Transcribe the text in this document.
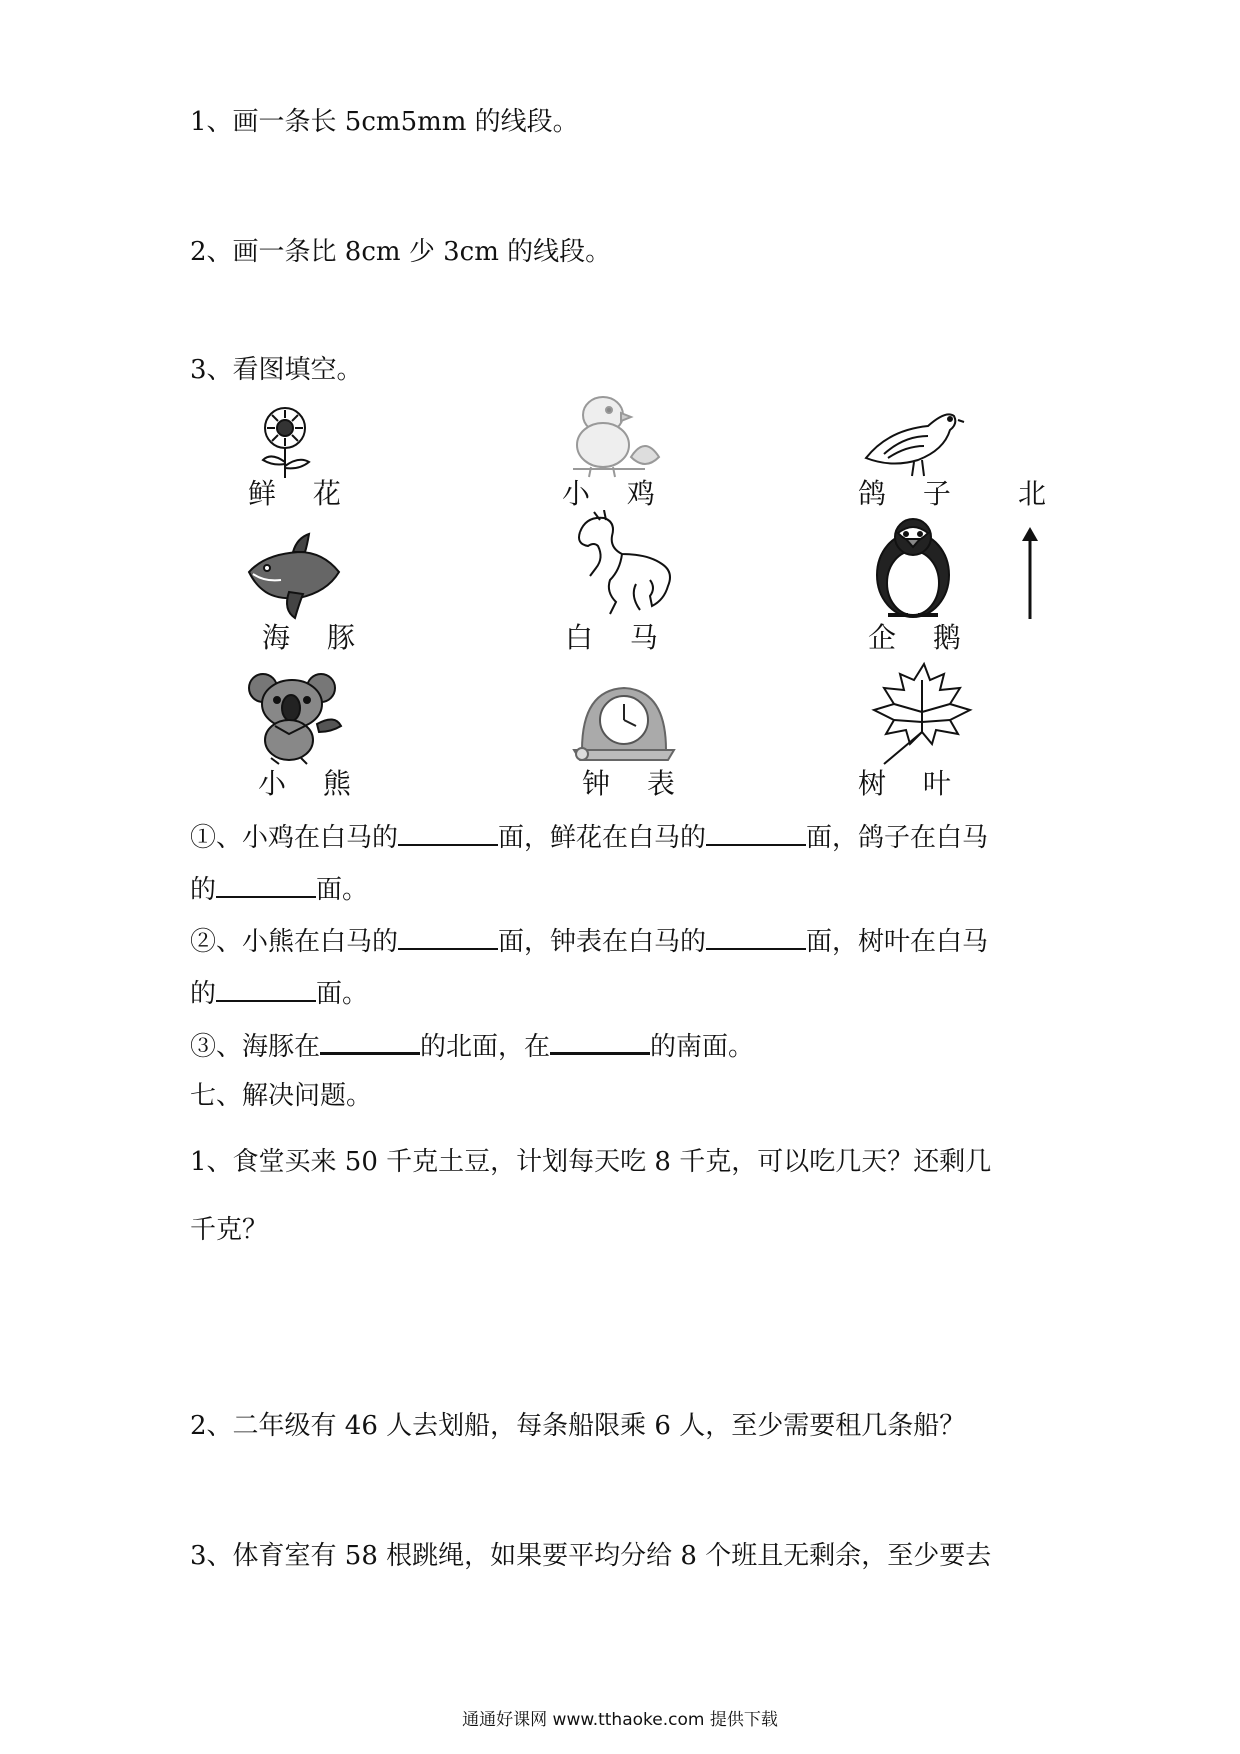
1、画一条长 5cm5mm 的线段。
2、画一条比 8cm 少 3cm 的线段。
3、看图填空。
鲜 花	小 鸡	鸽 子 北
海 豚	白 马	企 鹅
小 熊	钟 表	树 叶
①、小鸡在白马的	面，鲜花在白马的	面，鸽子在白马
的	面。
②、小熊在白马的	面，钟表在白马的	面，树叶在白马
的	面。
③、海豚在	的北面，在	的南面。
七、解决问题。
1、食堂买来 50 千克土豆，计划每天吃 8 千克，可以吃几天？还剩几
千克？
2、二年级有 46 人去划船，每条船限乘 6 人，至少需要租几条船？
3、体育室有 58 根跳绳，如果要平均分给 8 个班且无剩余，至少要去
通通好课网 www.tthaoke.com 提供下载
